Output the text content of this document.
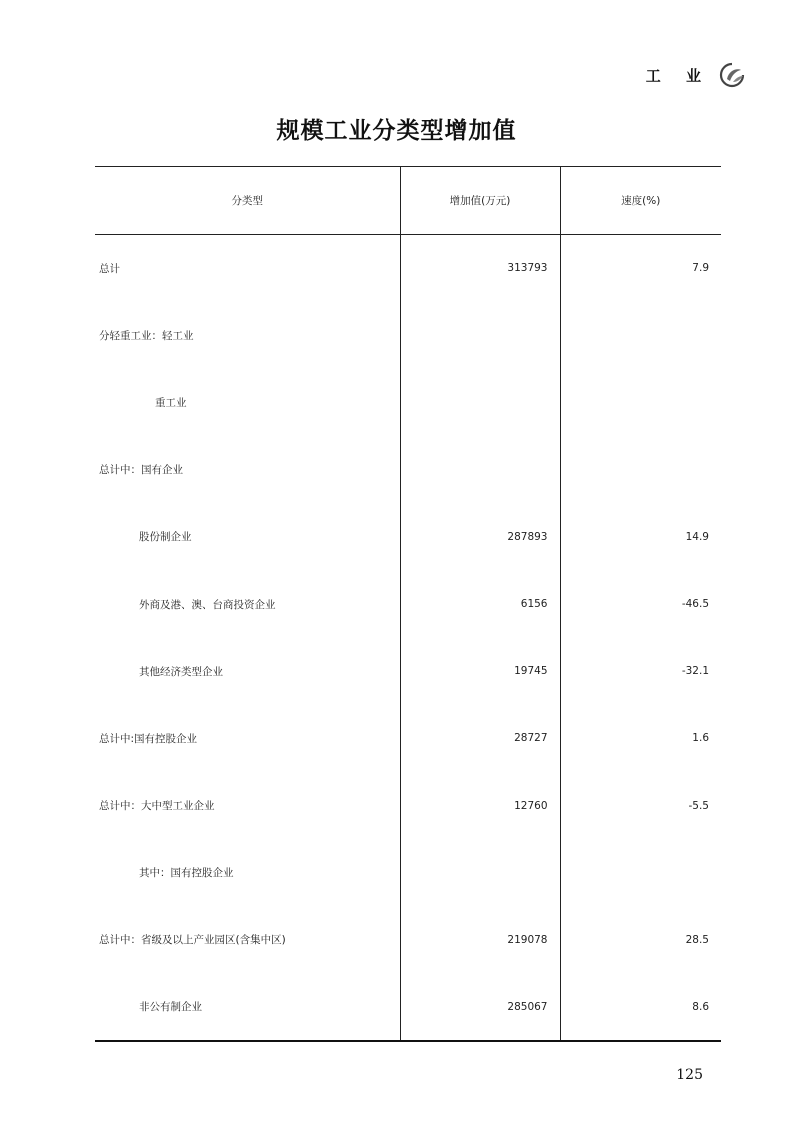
工 业
规模工业分类型增加值
分类型	增加值(万元)	速度(%)
总计	313793	7.9
分轻重工业：轻工业		
重工业		
总计中：国有企业		
股份制企业	287893	14.9
外商及港、澳、台商投资企业	6156	-46.5
其他经济类型企业	19745	-32.1
总计中:国有控股企业	28727	1.6
总计中：大中型工业企业	12760	-5.5
其中：国有控股企业		
总计中：省级及以上产业园区(含集中区)	219078	28.5
非公有制企业	285067	8.6
125
